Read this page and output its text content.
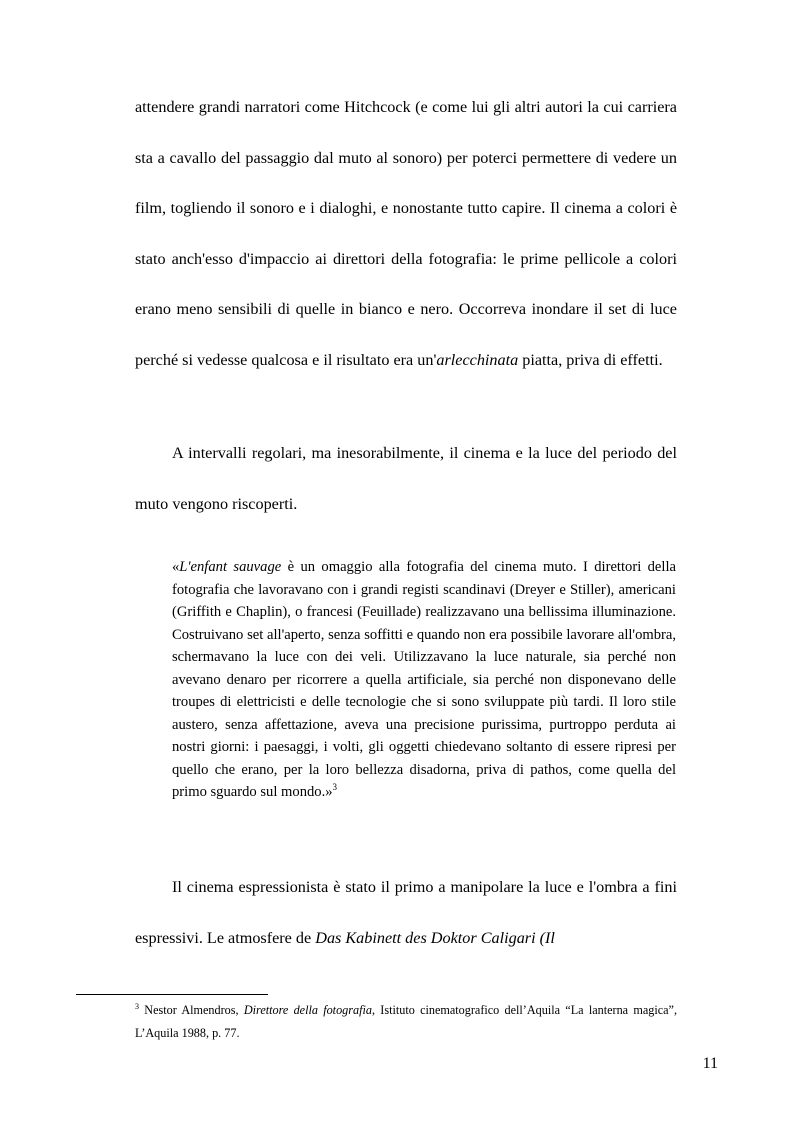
attendere grandi narratori come Hitchcock (e come lui gli altri autori la cui carriera sta a cavallo del passaggio dal muto al sonoro) per poterci permettere di vedere un film, togliendo il sonoro e i dialoghi, e nonostante tutto capire. Il cinema a colori è stato anch'esso d'impaccio ai direttori della fotografia: le prime pellicole a colori erano meno sensibili di quelle in bianco e nero. Occorreva inondare il set di luce perché si vedesse qualcosa e il risultato era un'arlecchinata piatta, priva di effetti.

A intervalli regolari, ma inesorabilmente, il cinema e la luce del periodo del muto vengono riscoperti.

«L'enfant sauvage è un omaggio alla fotografia del cinema muto. I direttori della fotografia che lavoravano con i grandi registi scandinavi (Dreyer e Stiller), americani (Griffith e Chaplin), o francesi (Feuillade) realizzavano una bellissima illuminazione. Costruivano set all'aperto, senza soffitti e quando non era possibile lavorare all'ombra, schermavano la luce con dei veli. Utilizzavano la luce naturale, sia perché non avevano denaro per ricorrere a quella artificiale, sia perché non disponevano delle troupes di elettricisti e delle tecnologie che si sono sviluppate più tardi. Il loro stile austero, senza affettazione, aveva una precisione purissima, purtroppo perduta ai nostri giorni: i paesaggi, i volti, gli oggetti chiedevano soltanto di essere ripresi per quello che erano, per la loro bellezza disadorna, priva di pathos, come quella del primo sguardo sul mondo.»$^3$

Il cinema espressionista è stato il primo a manipolare la luce e l'ombra a fini espressivi. Le atmosfere de Das Kabinett des Doktor Caligari (Il

$^3$ Nestor Almendros, Direttore della fotografia, Istituto cinematografico dell’Aquila “La lanterna magica”, L’Aquila 1988, p. 77.

11
